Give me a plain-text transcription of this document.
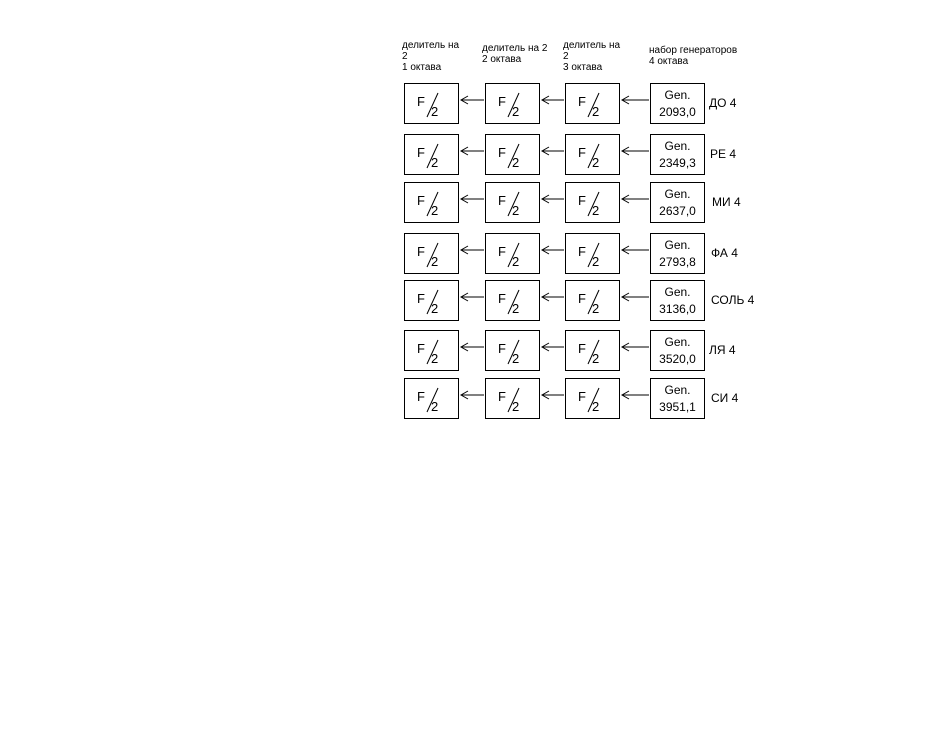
делитель на
2
1 октава
делитель на 2
2 октава
делитель на
2
3 октава
набор генераторов
4 октава
F
2
F
2
F
2
Gen.
2093,0
ДО 4
F
2
F
2
F
2
Gen.
2349,3
РЕ 4
F
2
F
2
F
2
Gen.
2637,0
МИ 4
F
2
F
2
F
2
Gen.
2793,8
ФА 4
F
2
F
2
F
2
Gen.
3136,0
СОЛЬ 4
F
2
F
2
F
2
Gen.
3520,0
ЛЯ 4
F
2
F
2
F
2
Gen.
3951,1
СИ 4
